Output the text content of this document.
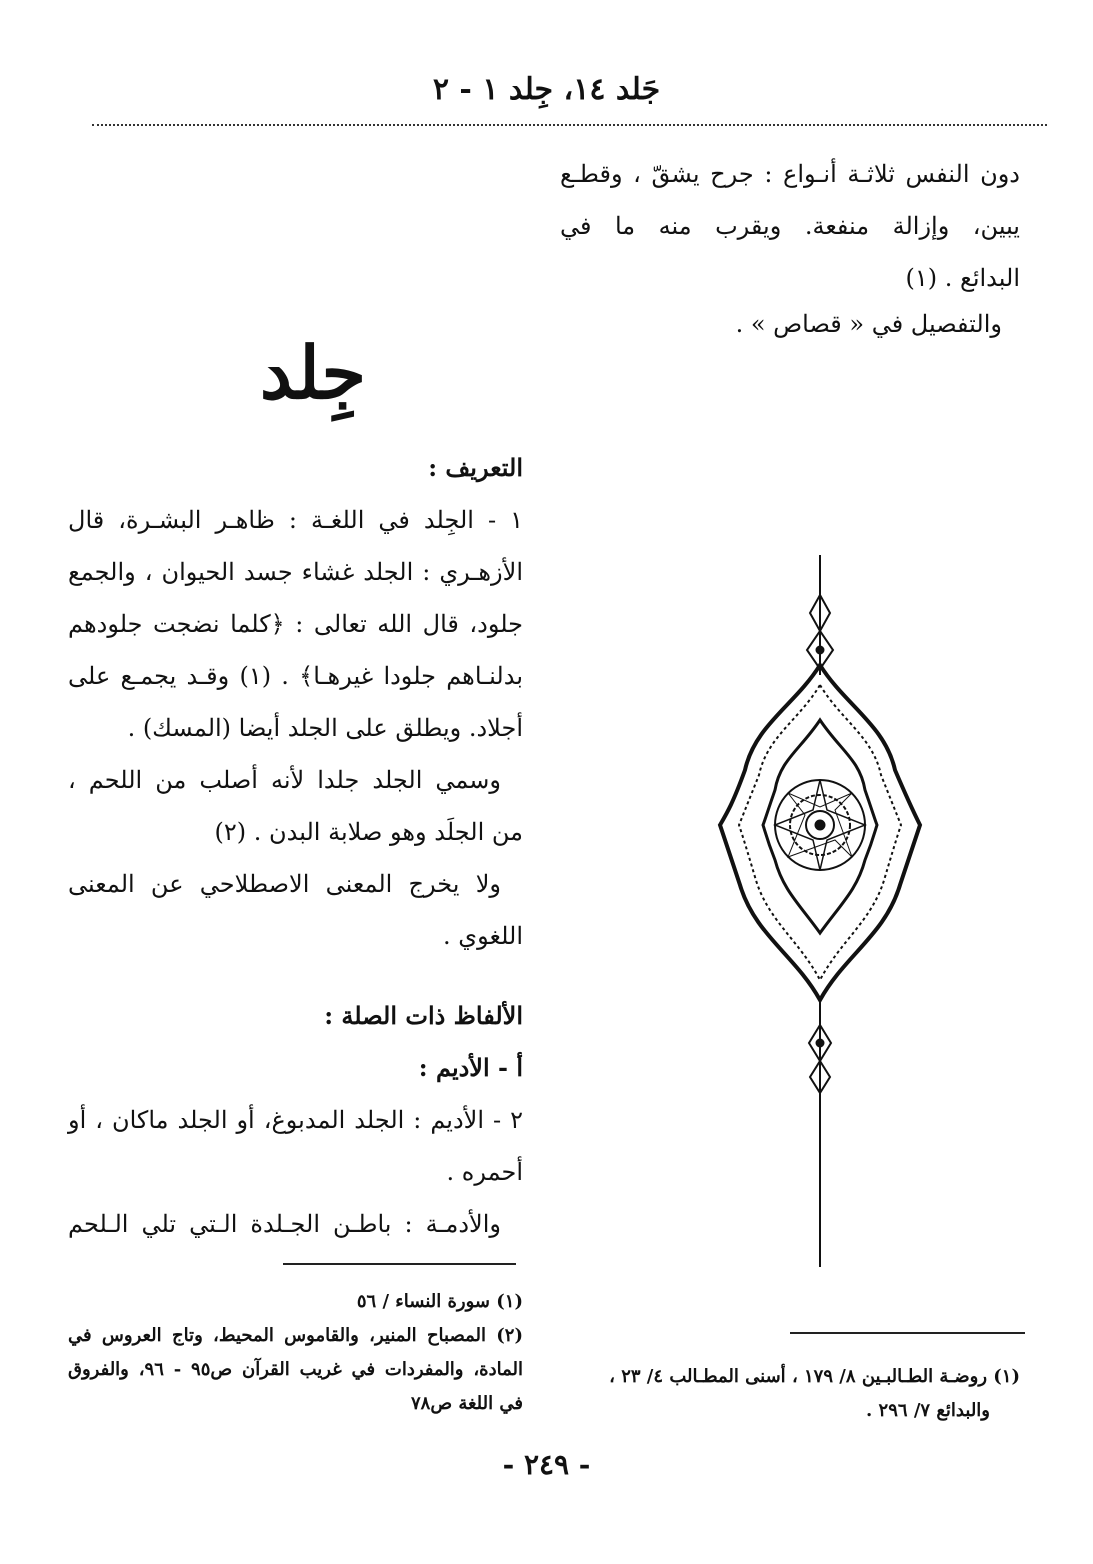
جَلد ١٤، جِلد ١ - ٢
دون النفس ثلاثـة أنـواع : جرح يشقّ ، وقطـع
يبين، وإزالة منفعة. ويقرب منه ما في
البدائع . (١)
والتفصيل في « قصاص » .
جِلد
التعريف :
١ - الجِلد في اللغـة : ظاهـر البشـرة، قال
الأزهـري : الجلد غشاء جسد الحيوان ، والجمع
جلود، قال الله تعالى : ﴿كلما نضجت جلودهم
بدلنـاهم جلودا غيرهـا﴾ . (١) وقـد يجمـع على
أجلاد. ويطلق على الجلد أيضا (المسك) .
وسمي الجلد جلدا لأنه أصلب من اللحم ،
من الجلَد وهو صلابة البدن . (٢)
ولا يخرج المعنى الاصطلاحي عن المعنى
اللغوي .
الألفاظ ذات الصلة :
أ - الأديم :
٢ - الأديم : الجلد المدبوغ، أو الجلد ماكان ، أو
أحمره .
والأدمـة : باطـن الجـلدة الـتي تلي الـلحم
(١) سورة النساء / ٥٦
(٢) المصباح المنير، والقاموس المحيط، وتاج العروس في
المادة، والمفردات في غريب القرآن ص٩٥ - ٩٦، والفروق
في اللغة ص٧٨
(١) روضـة الطـالبـين ٨/ ١٧٩ ، أسنى المطـالب ٤/ ٢٣ ،
والبدائع ٧/ ٢٩٦ .
- ٢٤٩ -
